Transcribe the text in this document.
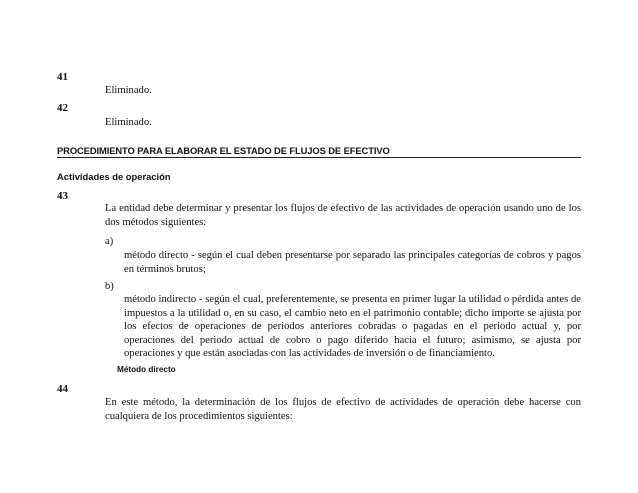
41
Eliminado.
42
Eliminado.
PROCEDIMIENTO PARA ELABORAR EL ESTADO DE FLUJOS DE EFECTIVO
Actividades de operación
43
La entidad debe determinar y presentar los flujos de efectivo de las actividades de operación usando uno de los dos métodos siguientes:
a)
método directo - según el cual deben presentarse por separado las principales categorías de cobros y pagos en términos brutos;
b)
método indirecto - según el cual, preferentemente, se presenta en primer lugar la utilidad o pérdida antes de impuestos a la utilidad o, en su caso, el cambio neto en el patrimonio contable; dicho importe se ajusta por los efectos de operaciones de periodos anteriores cobradas o pagadas en el periodo actual y, por operaciones del periodo actual de cobro o pago diferido hacia el futuro; asimismo, se ajusta por operaciones y que están asociadas con las actividades de inversión o de financiamiento.
Método directo
44
En este método, la determinación de los flujos de efectivo de actividades de operación debe hacerse con cualquiera de los procedimientos siguientes:
